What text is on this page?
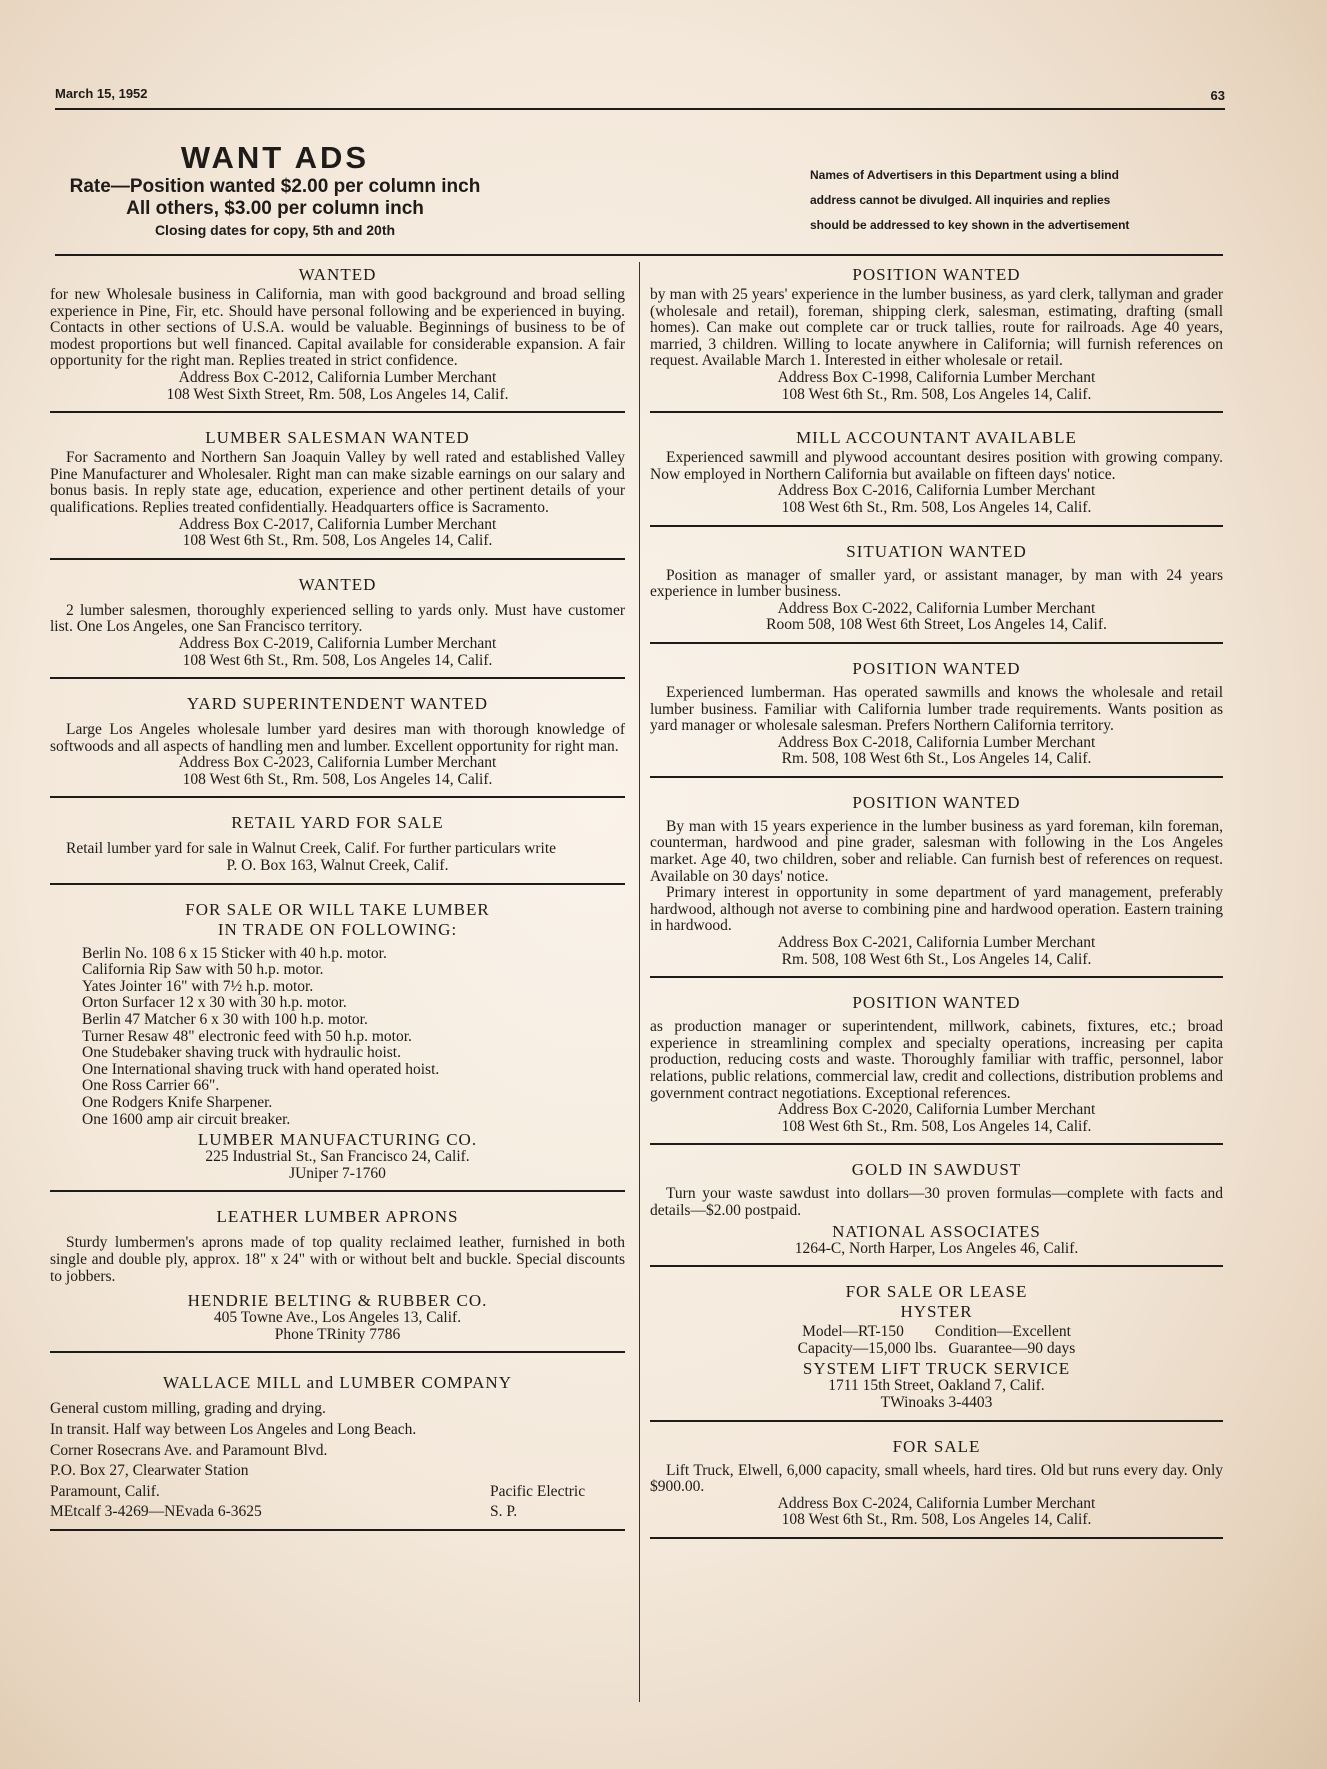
March 15, 1952	63
WANT ADS
Rate—Position wanted $2.00 per column inch
All others, $3.00 per column inch
Closing dates for copy, 5th and 20th
Names of Advertisers in this Department using a blind
address cannot be divulged. All inquiries and replies
should be addressed to key shown in the advertisement
WANTED

for new Wholesale business in California, man with good background and broad selling experience in Pine, Fir, etc. Should have personal following and be experienced in buying. Contacts in other sections of U.S.A. would be valuable. Beginnings of business to be of modest proportions but well financed. Capital available for considerable expansion. A fair opportunity for the right man. Replies treated in strict confidence.

Address Box C-2012, California Lumber Merchant
108 West Sixth Street, Rm. 508, Los Angeles 14, Calif.
LUMBER SALESMAN WANTED

For Sacramento and Northern San Joaquin Valley by well rated and established Valley Pine Manufacturer and Wholesaler. Right man can make sizable earnings on our salary and bonus basis. In reply state age, education, experience and other pertinent details of your qualifications. Replies treated confidentially. Headquarters office is Sacramento.

Address Box C-2017, California Lumber Merchant
108 West 6th St., Rm. 508, Los Angeles 14, Calif.
WANTED

2 lumber salesmen, thoroughly experienced selling to yards only. Must have customer list. One Los Angeles, one San Francisco territory.

Address Box C-2019, California Lumber Merchant
108 West 6th St., Rm. 508, Los Angeles 14, Calif.
YARD SUPERINTENDENT WANTED

Large Los Angeles wholesale lumber yard desires man with thorough knowledge of softwoods and all aspects of handling men and lumber. Excellent opportunity for right man.

Address Box C-2023, California Lumber Merchant
108 West 6th St., Rm. 508, Los Angeles 14, Calif.
RETAIL YARD FOR SALE

Retail lumber yard for sale in Walnut Creek, Calif. For further particulars write

P. O. Box 163, Walnut Creek, Calif.
FOR SALE OR WILL TAKE LUMBER
IN TRADE ON FOLLOWING:
Berlin No. 108 6 x 15 Sticker with 40 h.p. motor.
California Rip Saw with 50 h.p. motor.
Yates Jointer 16" with 7½ h.p. motor.
Orton Surfacer 12 x 30 with 30 h.p. motor.
Berlin 47 Matcher 6 x 30 with 100 h.p. motor.
Turner Resaw 48" electronic feed with 50 h.p. motor.
One Studebaker shaving truck with hydraulic hoist.
One International shaving truck with hand operated hoist.
One Ross Carrier 66".
One Rodgers Knife Sharpener.
One 1600 amp air circuit breaker.
LUMBER MANUFACTURING CO.
225 Industrial St., San Francisco 24, Calif.
JUniper 7-1760
LEATHER LUMBER APRONS

Sturdy lumbermen's aprons made of top quality reclaimed leather, furnished in both single and double ply, approx. 18" x 24" with or without belt and buckle. Special discounts to jobbers.

HENDRIE BELTING & RUBBER CO.
405 Towne Ave., Los Angeles 13, Calif.
Phone TRinity 7786
WALLACE MILL and LUMBER COMPANY
General custom milling, grading and drying.
In transit. Half way between Los Angeles and Long Beach.
Corner Rosecrans Ave. and Paramount Blvd.
P.O. Box 27, Clearwater Station
Paramount, Calif.	Pacific Electric
MEtcalf 3-4269—NEvada 6-3625	S. P.
POSITION WANTED

by man with 25 years' experience in the lumber business, as yard clerk, tallyman and grader (wholesale and retail), foreman, shipping clerk, salesman, estimating, drafting (small homes). Can make out complete car or truck tallies, route for railroads. Age 40 years, married, 3 children. Willing to locate anywhere in California; will furnish references on request. Available March 1. Interested in either wholesale or retail.

Address Box C-1998, California Lumber Merchant
108 West 6th St., Rm. 508, Los Angeles 14, Calif.
MILL ACCOUNTANT AVAILABLE

Experienced sawmill and plywood accountant desires position with growing company. Now employed in Northern California but available on fifteen days' notice.

Address Box C-2016, California Lumber Merchant
108 West 6th St., Rm. 508, Los Angeles 14, Calif.
SITUATION WANTED

Position as manager of smaller yard, or assistant manager, by man with 24 years experience in lumber business.

Address Box C-2022, California Lumber Merchant
Room 508, 108 West 6th Street, Los Angeles 14, Calif.
POSITION WANTED

Experienced lumberman. Has operated sawmills and knows the wholesale and retail lumber business. Familiar with California lumber trade requirements. Wants position as yard manager or wholesale salesman. Prefers Northern California territory.

Address Box C-2018, California Lumber Merchant
Rm. 508, 108 West 6th St., Los Angeles 14, Calif.
POSITION WANTED

By man with 15 years experience in the lumber business as yard foreman, kiln foreman, counterman, hardwood and pine grader, salesman with following in the Los Angeles market. Age 40, two children, sober and reliable. Can furnish best of references on request. Available on 30 days' notice.

Primary interest in opportunity in some department of yard management, preferably hardwood, although not averse to combining pine and hardwood operation. Eastern training in hardwood.

Address Box C-2021, California Lumber Merchant
Rm. 508, 108 West 6th St., Los Angeles 14, Calif.
POSITION WANTED

as production manager or superintendent, millwork, cabinets, fixtures, etc.; broad experience in streamlining complex and specialty operations, increasing per capita production, reducing costs and waste. Thoroughly familiar with traffic, personnel, labor relations, public relations, commercial law, credit and collections, distribution problems and government contract negotiations. Exceptional references.

Address Box C-2020, California Lumber Merchant
108 West 6th St., Rm. 508, Los Angeles 14, Calif.
GOLD IN SAWDUST

Turn your waste sawdust into dollars—30 proven formulas—complete with facts and details—$2.00 postpaid.

NATIONAL ASSOCIATES
1264-C, North Harper, Los Angeles 46, Calif.
FOR SALE OR LEASE
HYSTER
Model—RT-150        Condition—Excellent
Capacity—15,000 lbs.   Guarantee—90 days
SYSTEM LIFT TRUCK SERVICE
1711 15th Street, Oakland 7, Calif.
TWinoaks 3-4403
FOR SALE

Lift Truck, Elwell, 6,000 capacity, small wheels, hard tires. Old but runs every day. Only $900.00.

Address Box C-2024, California Lumber Merchant
108 West 6th St., Rm. 508, Los Angeles 14, Calif.
